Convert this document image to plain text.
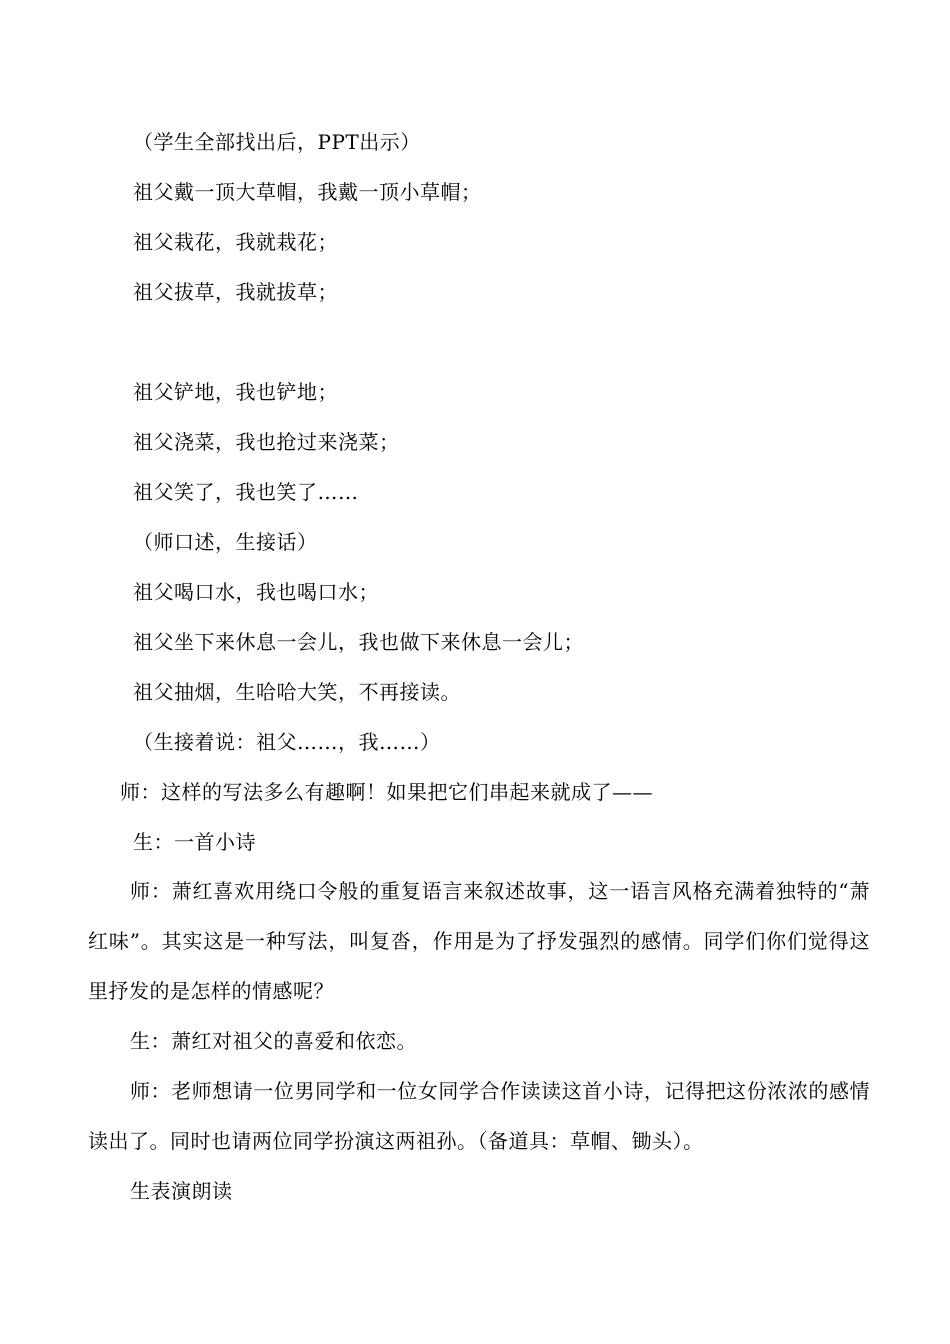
（学生全部找出后，PPT出示）
祖父戴一顶大草帽，我戴一顶小草帽；
祖父栽花，我就栽花；
祖父拔草，我就拔草；
祖父铲地，我也铲地；
祖父浇菜，我也抢过来浇菜；
祖父笑了，我也笑了……
（师口述，生接话）
祖父喝口水，我也喝口水；
祖父坐下来休息一会儿，我也做下来休息一会儿；
祖父抽烟，生哈哈大笑，不再接读。
（生接着说：祖父……，我……）
师：这样的写法多么有趣啊！如果把它们串起来就成了——
生：一首小诗
师：萧红喜欢用绕口令般的重复语言来叙述故事，这一语言风格充满着独特的“萧红味”。其实这是一种写法，叫复沓，作用是为了抒发强烈的感情。同学们你们觉得这里抒发的是怎样的情感呢？
生：萧红对祖父的喜爱和依恋。
师：老师想请一位男同学和一位女同学合作读读这首小诗，记得把这份浓浓的感情读出了。同时也请两位同学扮演这两祖孙。（备道具：草帽、锄头）。
生表演朗读
